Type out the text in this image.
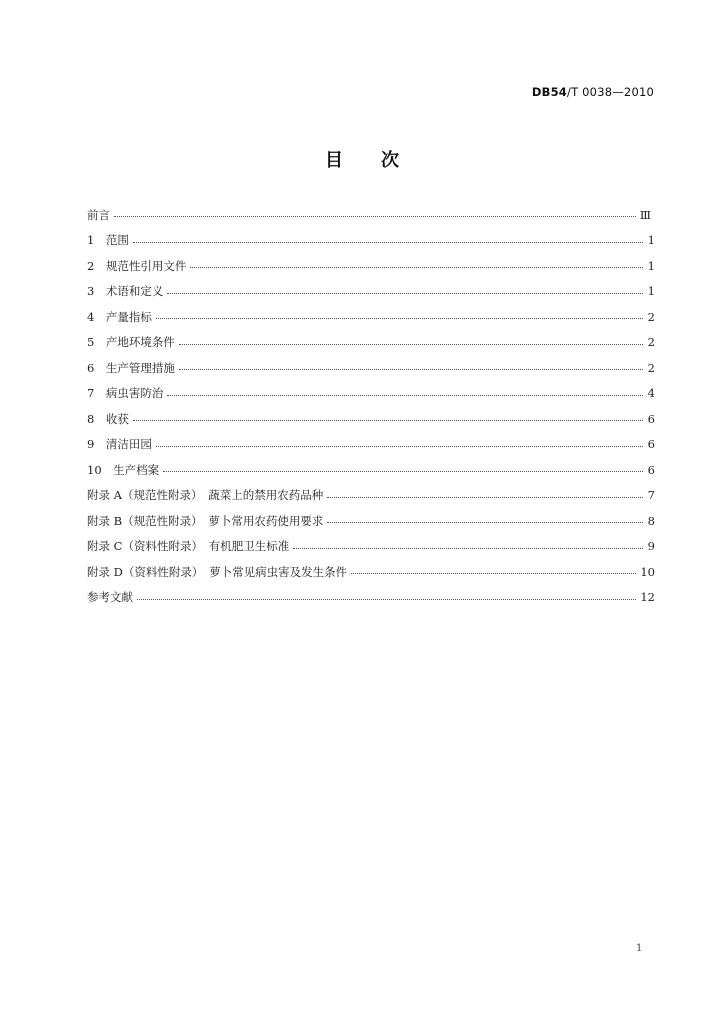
DB54/T 0038—2010
目次
前言	Ⅲ
1　范围	1
2　规范性引用文件	1
3　术语和定义	1
4　产量指标	2
5　产地环境条件	2
6　生产管理措施	2
7　病虫害防治	4
8　收获	6
9　清洁田园	6
10　生产档案	6
附录 A（规范性附录）　蔬菜上的禁用农药品种	7
附录 B（规范性附录）　萝卜常用农药使用要求	8
附录 C（资料性附录）　有机肥卫生标准	9
附录 D（资料性附录）　萝卜常见病虫害及发生条件	10
参考文献	12
1
